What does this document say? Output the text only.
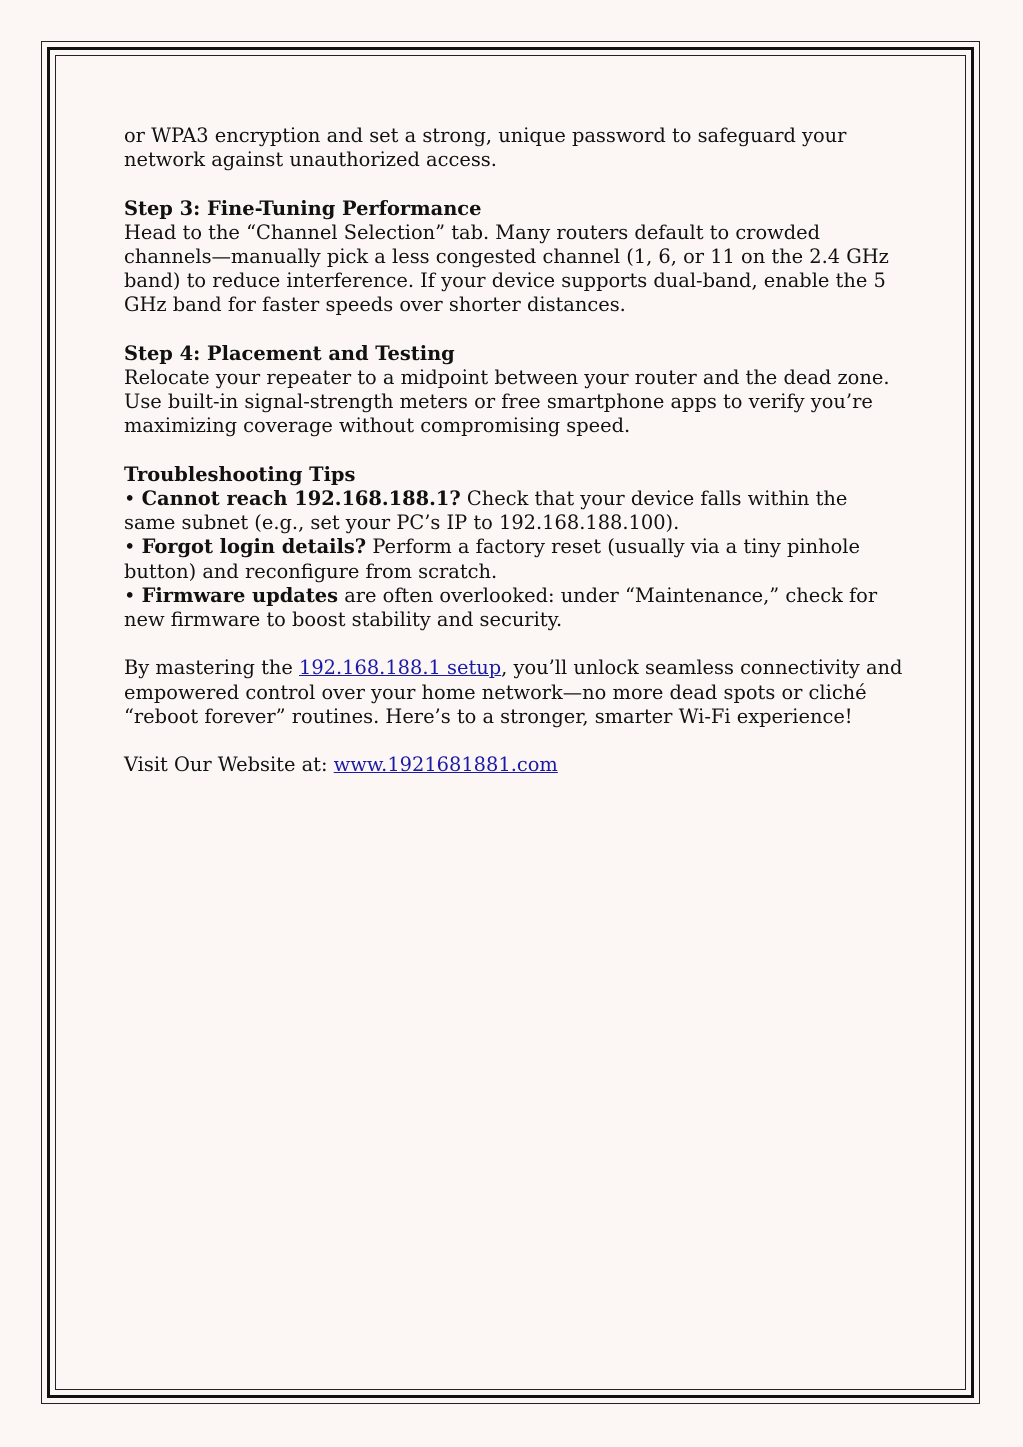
or WPA3 encryption and set a strong, unique password to safeguard your network against unauthorized access.

Step 3: Fine-Tuning Performance
Head to the “Channel Selection” tab. Many routers default to crowded channels—manually pick a less congested channel (1, 6, or 11 on the 2.4 GHz band) to reduce interference. If your device supports dual-band, enable the 5 GHz band for faster speeds over shorter distances.

Step 4: Placement and Testing
Relocate your repeater to a midpoint between your router and the dead zone. Use built-in signal-strength meters or free smartphone apps to verify you’re maximizing coverage without compromising speed.

Troubleshooting Tips
• Cannot reach 192.168.188.1? Check that your device falls within the same subnet (e.g., set your PC’s IP to 192.168.188.100).
• Forgot login details? Perform a factory reset (usually via a tiny pinhole button) and reconfigure from scratch.
• Firmware updates are often overlooked: under “Maintenance,” check for new firmware to boost stability and security.

By mastering the 192.168.188.1 setup, you’ll unlock seamless connectivity and empowered control over your home network—no more dead spots or cliché “reboot forever” routines. Here’s to a stronger, smarter Wi-Fi experience!

Visit Our Website at: www.1921681881.com
